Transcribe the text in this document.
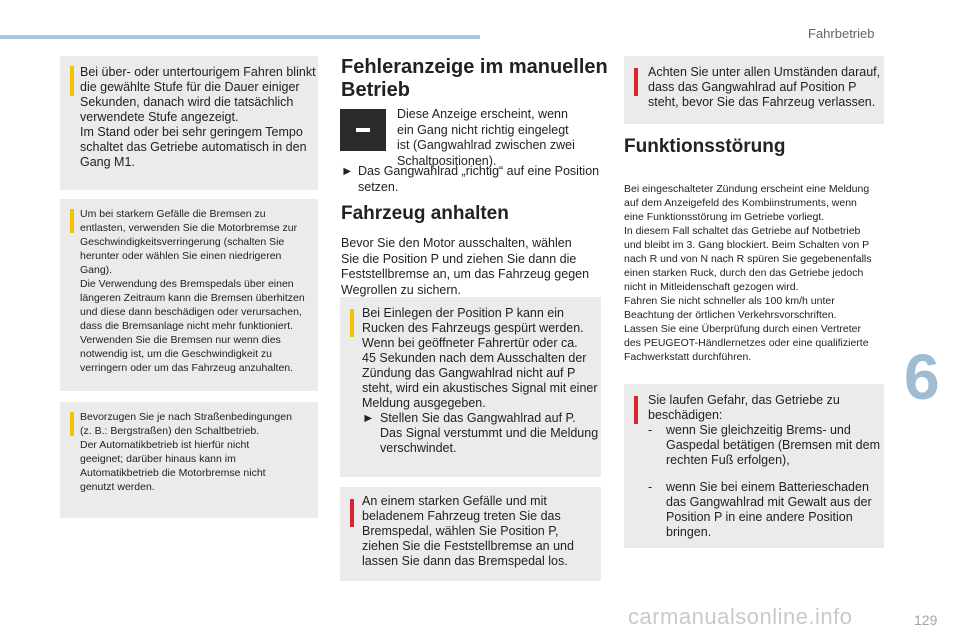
Fahrbetrieb
6
129
carmanualsonline.info
Bei über- oder untertourigem Fahren blinkt
die gewählte Stufe für die Dauer einiger
Sekunden, danach wird die tatsächlich
verwendete Stufe angezeigt.
Im Stand oder bei sehr geringem Tempo
schaltet das Getriebe automatisch in den
Gang M1.
Um bei starkem Gefälle die Bremsen zu
entlasten, verwenden Sie die Motorbremse zur
Geschwindigkeitsverringerung (schalten Sie
herunter oder wählen Sie einen niedrigeren
Gang).
Die Verwendung des Bremspedals über einen
längeren Zeitraum kann die Bremsen überhitzen
und diese dann beschädigen oder verursachen,
dass die Bremsanlage nicht mehr funktioniert.
Verwenden Sie die Bremsen nur wenn dies
notwendig ist, um die Geschwindigkeit zu
verringern oder um das Fahrzeug anzuhalten.
Bevorzugen Sie je nach Straßenbedingungen
(z. B.: Bergstraßen) den Schaltbetrieb.
Der Automatikbetrieb ist hierfür nicht
geeignet; darüber hinaus kann im
Automatikbetrieb die Motorbremse nicht
genutzt werden.
Fehleranzeige im manuellen Betrieb
Diese Anzeige erscheint, wenn
ein Gang nicht richtig eingelegt
ist (Gangwahlrad zwischen zwei
Schaltpositionen).
► Das Gangwahlrad „richtig“ auf eine Position
setzen.
Fahrzeug anhalten
Bevor Sie den Motor ausschalten, wählen
Sie die Position P und ziehen Sie dann die
Feststellbremse an, um das Fahrzeug gegen
Wegrollen zu sichern.
Bei Einlegen der Position P kann ein
Rucken des Fahrzeugs gespürt werden.
Wenn bei geöffneter Fahrertür oder ca.
45 Sekunden nach dem Ausschalten der
Zündung das Gangwahlrad nicht auf P
steht, wird ein akustisches Signal mit einer
Meldung ausgegeben.
► Stellen Sie das Gangwahlrad auf P.
Das Signal verstummt und die Meldung
verschwindet.
An einem starken Gefälle und mit
beladenem Fahrzeug treten Sie das
Bremspedal, wählen Sie Position P,
ziehen Sie die Feststellbremse an und
lassen Sie dann das Bremspedal los.
Achten Sie unter allen Umständen darauf,
dass das Gangwahlrad auf Position P
steht, bevor Sie das Fahrzeug verlassen.
Funktionsstörung
Bei eingeschalteter Zündung erscheint eine Meldung
auf dem Anzeigefeld des Kombiinstruments, wenn
eine Funktionsstörung im Getriebe vorliegt.
In diesem Fall schaltet das Getriebe auf Notbetrieb
und bleibt im 3. Gang blockiert. Beim Schalten von P
nach R und von N nach R spüren Sie gegebenenfalls
einen starken Ruck, durch den das Getriebe jedoch
nicht in Mitleidenschaft gezogen wird.
Fahren Sie nicht schneller als 100 km/h unter
Beachtung der örtlichen Verkehrsvorschriften.
Lassen Sie eine Überprüfung durch einen Vertreter
des PEUGEOT-Händlernetzes oder eine qualifizierte
Fachwerkstatt durchführen.
Sie laufen Gefahr, das Getriebe zu
beschädigen:
- wenn Sie gleichzeitig Brems- und
Gaspedal betätigen (Bremsen mit dem
rechten Fuß erfolgen),
- wenn Sie bei einem Batterieschaden
das Gangwahlrad mit Gewalt aus der
Position P in eine andere Position
bringen.
